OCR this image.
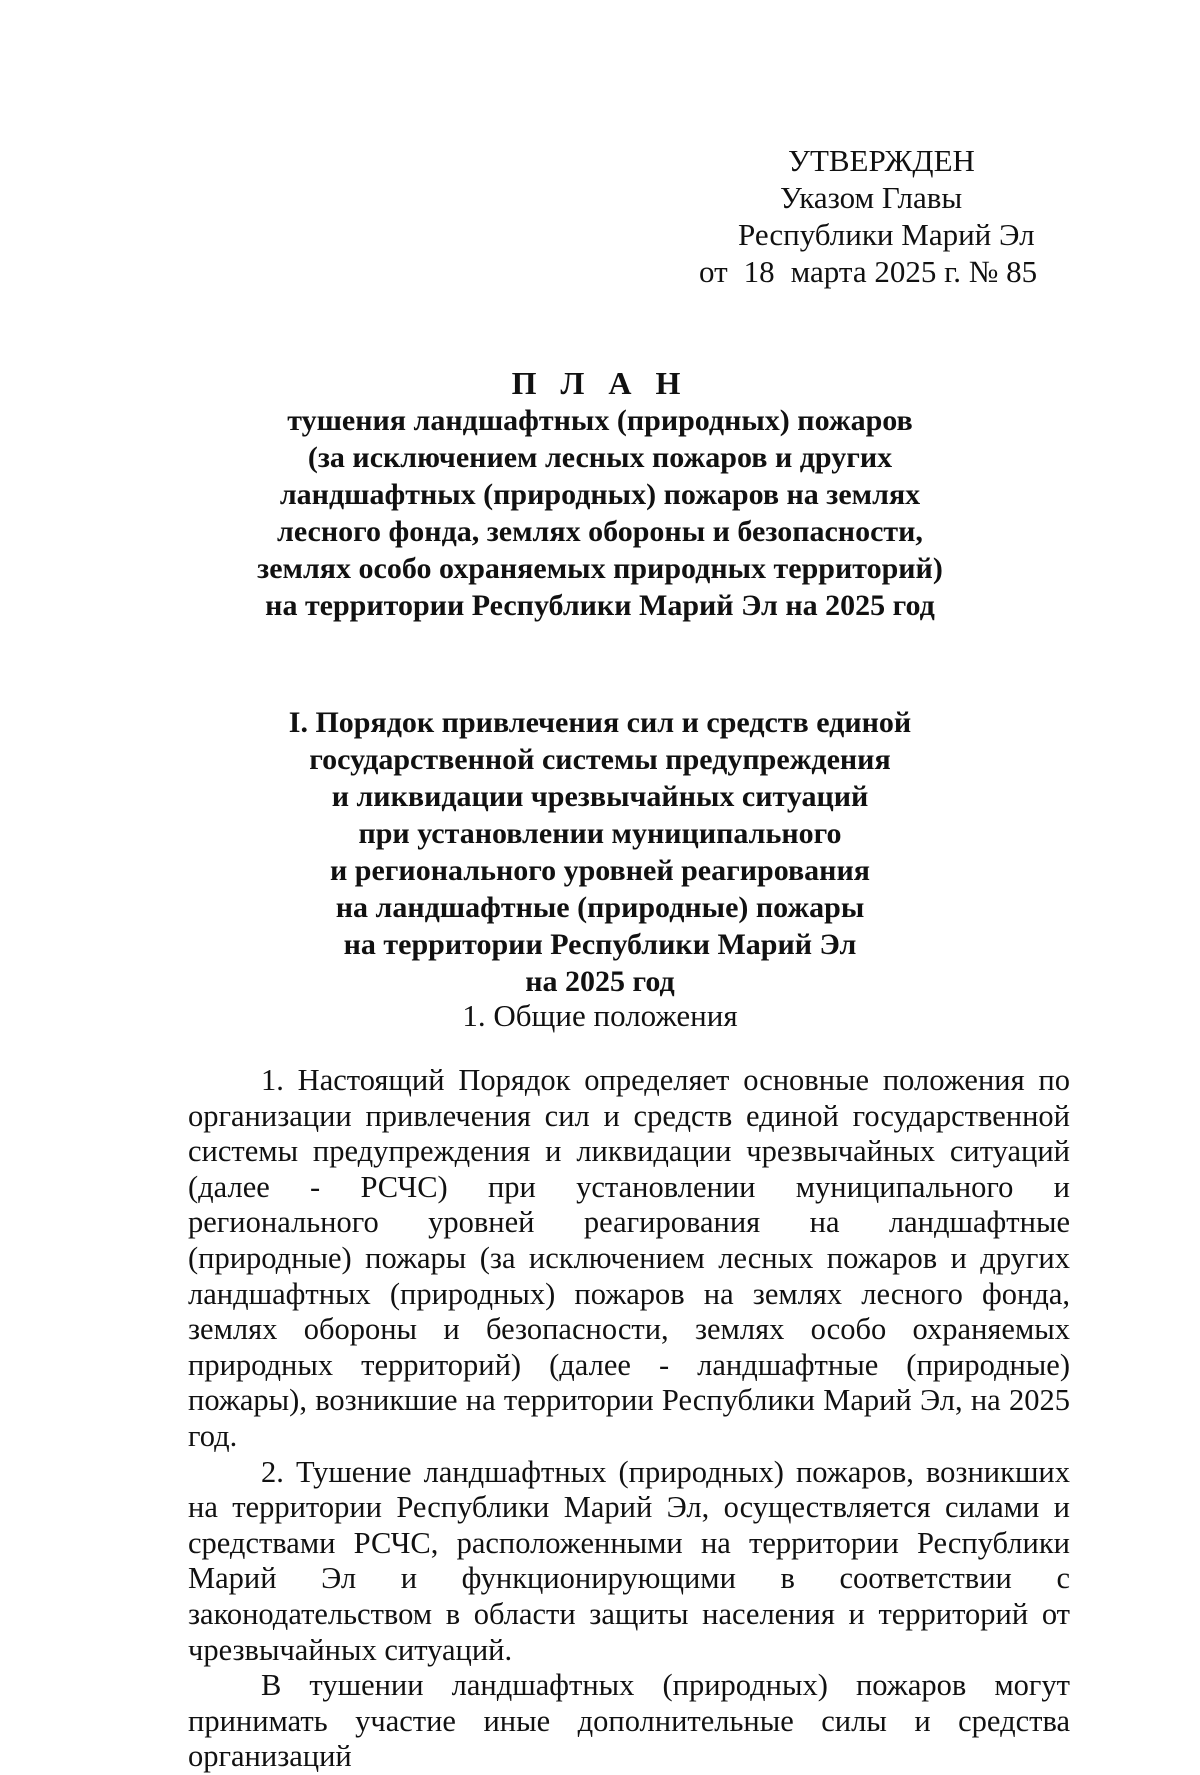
УТВЕРЖДЕН
Указом Главы
Республики Марий Эл
от 18 марта 2025 г. № 85
П Л А Н
тушения ландшафтных (природных) пожаров
(за исключением лесных пожаров и других
ландшафтных (природных) пожаров на землях
лесного фонда, землях обороны и безопасности,
землях особо охраняемых природных территорий)
на территории Республики Марий Эл на 2025 год
I. Порядок привлечения сил и средств единой
государственной системы предупреждения
и ликвидации чрезвычайных ситуаций
при установлении муниципального
и регионального уровней реагирования
на ландшафтные (природные) пожары
на территории Республики Марий Эл
на 2025 год
1. Общие положения

1. Настоящий Порядок определяет основные положения по организации привлечения сил и средств единой государственной системы предупреждения и ликвидации чрезвычайных ситуаций (далее - РСЧС) при установлении муниципального и регионального уровней реагирования на ландшафтные (природные) пожары (за исключением лесных пожаров и других ландшафтных (природных) пожаров на землях лесного фонда, землях обороны и безопасности, землях особо охраняемых природных территорий) (далее - ландшафтные (природные) пожары), возникшие на территории Республики Марий Эл, на 2025 год.

2. Тушение ландшафтных (природных) пожаров, возникших на территории Республики Марий Эл, осуществляется силами и средствами РСЧС, расположенными на территории Республики Марий Эл и функционирующими в соответствии с законодательством в области защиты населения и территорий от чрезвычайных ситуаций.

В тушении ландшафтных (природных) пожаров могут принимать участие иные дополнительные силы и средства организаций
